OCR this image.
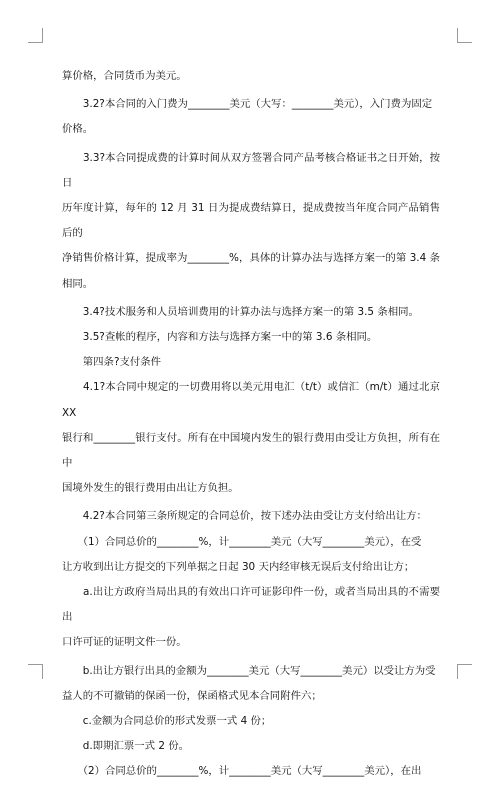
算价格，合同货币为美元。

　　3.2?本合同的入门费为________美元（大写：________美元），入门费为固定

价格。

　　3.3?本合同提成费的计算时间从双方签署合同产品考核合格证书之日开始，按日

历年度计算，每年的 12 月 31 日为提成费结算日，提成费按当年度合同产品销售后的

净销售价格计算，提成率为________%，具体的计算办法与选择方案一的第 3.4 条相同。

　　3.4?技术服务和人员培训费用的计算办法与选择方案一的第 3.5 条相同。

　　3.5?查帐的程序，内容和方法与选择方案一中的第 3.6 条相同。

　　第四条?支付条件

　　4.1?本合同中规定的一切费用将以美元用电汇（t/t）或信汇（m/t）通过北京 XX

银行和________银行支付。所有在中国境内发生的银行费用由受让方负担，所有在中

国境外发生的银行费用由出让方负担。

　　4.2?本合同第三条所规定的合同总价，按下述办法由受让方支付给出让方：

　　（1）合同总价的________%，计________美元（大写________美元），在受

让方收到出让方提交的下列单据之日起 30 天内经审核无误后支付给出让方；

　　a.出让方政府当局出具的有效出口许可证影印件一份，或者当局出具的不需要出

口许可证的证明文件一份。

　　b.出让方银行出具的金额为________美元（大写________美元）以受让方为受

益人的不可撤销的保函一份，保函格式见本合同附件六；

　　c.金额为合同总价的形式发票一式 4 份；

　　d.即期汇票一式 2 份。

　　（2）合同总价的________%，计________美元（大写________美元），在出
